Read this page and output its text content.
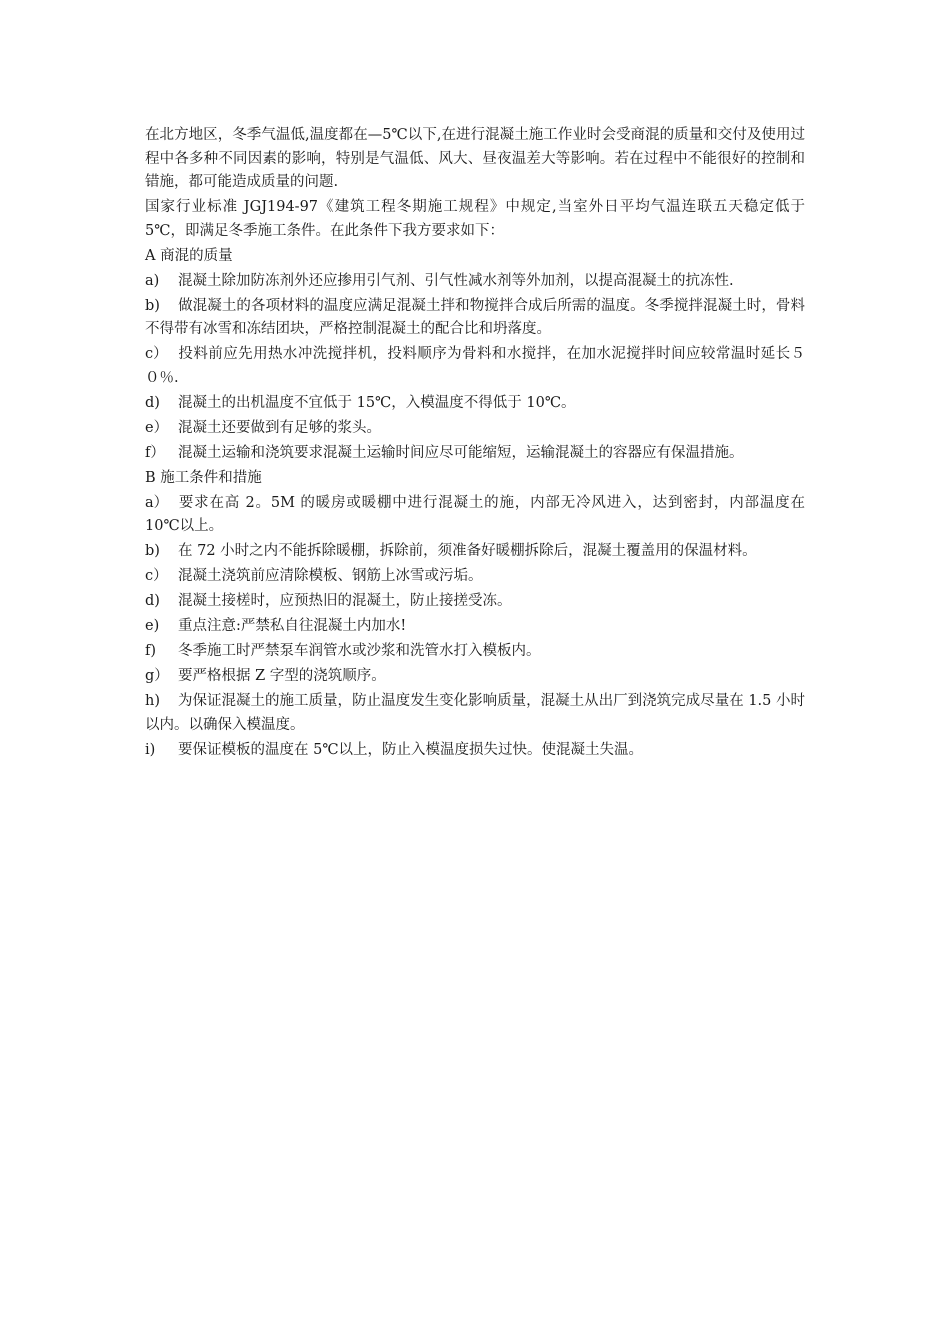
在北方地区，冬季气温低,温度都在—5℃以下,在进行混凝土施工作业时会受商混的质量和交付及使用过程中各多种不同因素的影响，特别是气温低、风大、昼夜温差大等影响。若在过程中不能很好的控制和错施，都可能造成质量的问题.

国家行业标准 JGJ194-97《建筑工程冬期施工规程》中规定,当室外日平均气温连联五天稳定低于 5℃，即满足冬季施工条件。在此条件下我方要求如下：

A 商混的质量

a) 混凝土除加防冻剂外还应掺用引气剂、引气性减水剂等外加剂，以提高混凝土的抗冻性.

b) 做混凝土的各项材料的温度应满足混凝土拌和物搅拌合成后所需的温度。冬季搅拌混凝土时，骨料不得带有冰雪和冻结团块，严格控制混凝土的配合比和坍落度。

c） 投料前应先用热水冲洗搅拌机，投料顺序为骨料和水搅拌，在加水泥搅拌时间应较常温时延长５０％.

d) 混凝土的出机温度不宜低于 15℃，入模温度不得低于 10℃。

e） 混凝土还要做到有足够的浆头。

f） 混凝土运输和浇筑要求混凝土运输时间应尽可能缩短，运输混凝土的容器应有保温措施。

B 施工条件和措施

a） 要求在高 2。5M 的暖房或暖棚中进行混凝土的施，内部无冷风进入，达到密封，内部温度在 10℃以上。

b) 在 72 小时之内不能拆除暖棚，拆除前，须准备好暖棚拆除后，混凝土覆盖用的保温材料。

c） 混凝土浇筑前应清除模板、钢筋上冰雪或污垢。

d) 混凝土接槎时，应预热旧的混凝土，防止接搓受冻。

e) 重点注意:严禁私自往混凝土内加水!

f) 冬季施工时严禁泵车润管水或沙浆和洗管水打入模板内。

g） 要严格根据 Z 字型的浇筑顺序。

h) 为保证混凝土的施工质量，防止温度发生变化影响质量，混凝土从出厂到浇筑完成尽量在 1.5 小时以内。以确保入模温度。

i) 要保证模板的温度在 5℃以上，防止入模温度损失过快。使混凝土失温。
